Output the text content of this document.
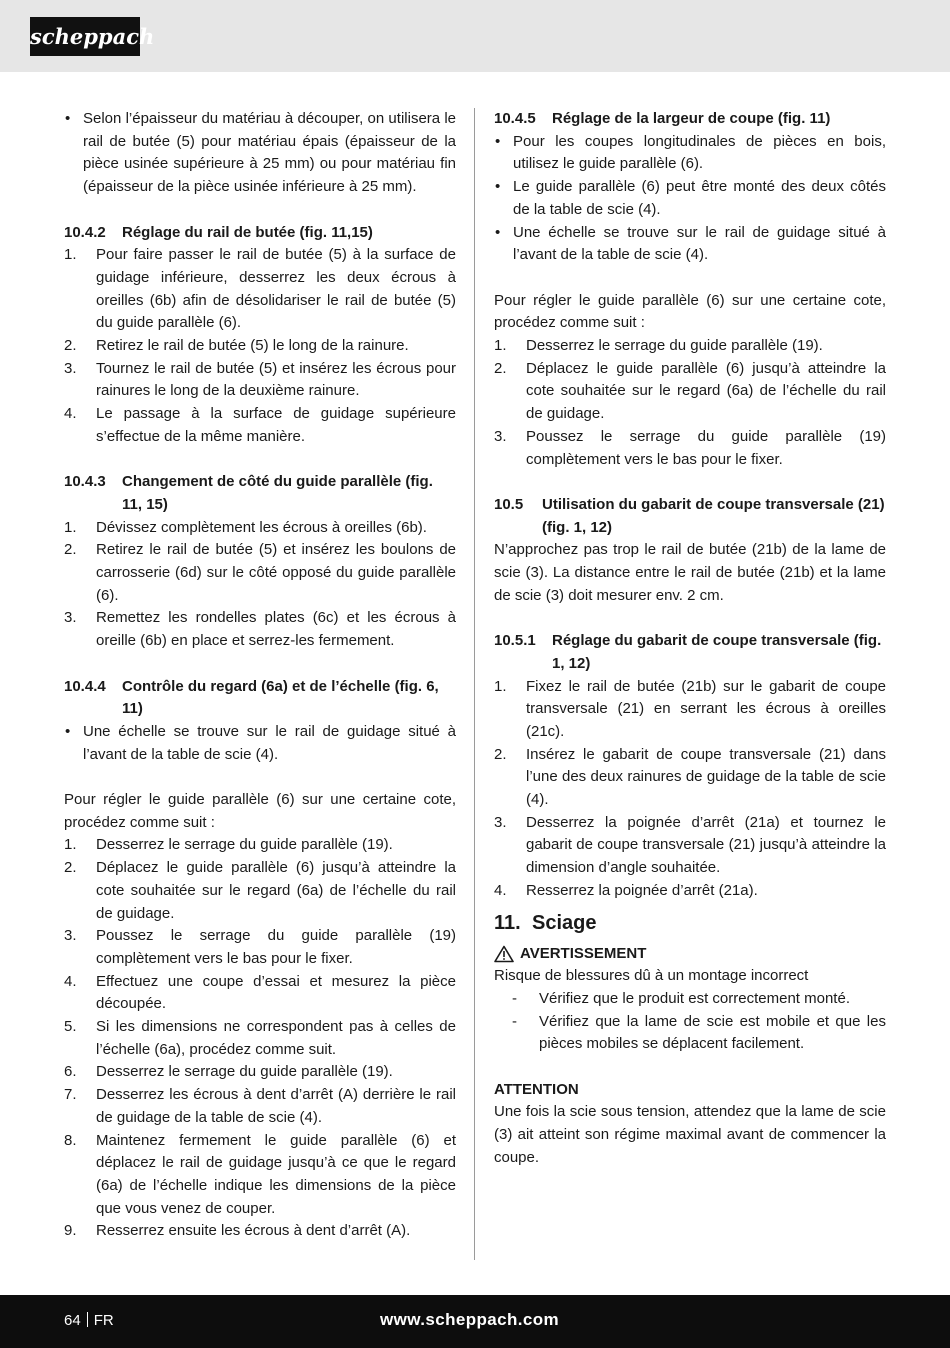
scheppach
• Selon l’épaisseur du matériau à découper, on utilisera le rail de butée (5) pour matériau épais (épaisseur de la pièce usinée supérieure à 25 mm) ou pour matériau fin (épaisseur de la pièce usinée inférieure à 25 mm).
10.4.2	Réglage du rail de butée (fig. 11,15)
1.	Pour faire passer le rail de butée (5) à la surface de guidage inférieure, desserrez les deux écrous à oreilles (6b) afin de désolidariser le rail de butée (5) du guide parallèle (6).
2.	Retirez le rail de butée (5) le long de la rainure.
3.	Tournez le rail de butée (5) et insérez les écrous pour rainures le long de la deuxième rainure.
4.	Le passage à la surface de guidage supérieure s’effectue de la même manière.
10.4.3	Changement de côté du guide parallèle (fig. 11, 15)
1.	Dévissez complètement les écrous à oreilles (6b).
2.	Retirez le rail de butée (5) et insérez les boulons de carrosserie (6d) sur le côté opposé du guide parallèle (6).
3.	Remettez les rondelles plates (6c) et les écrous à oreille (6b) en place et serrez-les fermement.
10.4.4	Contrôle du regard (6a) et de l’échelle (fig. 6, 11)
• Une échelle se trouve sur le rail de guidage situé à l’avant de la table de scie (4).
Pour régler le guide parallèle (6) sur une certaine cote, procédez comme suit :
1.	Desserrez le serrage du guide parallèle (19).
2.	Déplacez le guide parallèle (6) jusqu’à atteindre la cote souhaitée sur le regard (6a) de l’échelle du rail de guidage.
3.	Poussez le serrage du guide parallèle (19) complètement vers le bas pour le fixer.
4.	Effectuez une coupe d’essai et mesurez la pièce découpée.
5.	Si les dimensions ne correspondent pas à celles de l’échelle (6a), procédez comme suit.
6.	Desserrez le serrage du guide parallèle (19).
7.	Desserrez les écrous à dent d’arrêt (A) derrière le rail de guidage de la table de scie (4).
8.	Maintenez fermement le guide parallèle (6) et déplacez le rail de guidage jusqu’à ce que le regard (6a) de l’échelle indique les dimensions de la pièce que vous venez de couper.
9.	Resserrez ensuite les écrous à dent d’arrêt (A).
10.4.5	Réglage de la largeur de coupe (fig. 11)
• Pour les coupes longitudinales de pièces en bois, utilisez le guide parallèle (6).
• Le guide parallèle (6) peut être monté des deux côtés de la table de scie (4).
• Une échelle se trouve sur le rail de guidage situé à l’avant de la table de scie (4).
Pour régler le guide parallèle (6) sur une certaine cote, procédez comme suit :
1.	Desserrez le serrage du guide parallèle (19).
2.	Déplacez le guide parallèle (6) jusqu’à atteindre la cote souhaitée sur le regard (6a) de l’échelle du rail de guidage.
3.	Poussez le serrage du guide parallèle (19) complètement vers le bas pour le fixer.
10.5	Utilisation du gabarit de coupe transversale (21) (fig. 1, 12)
N’approchez pas trop le rail de butée (21b) de la lame de scie (3). La distance entre le rail de butée (21b) et la lame de scie (3) doit mesurer env. 2 cm.
10.5.1	Réglage du gabarit de coupe transversale (fig. 1, 12)
1.	Fixez le rail de butée (21b) sur le gabarit de coupe transversale (21) en serrant les écrous à oreilles (21c).
2.	Insérez le gabarit de coupe transversale (21) dans l’une des deux rainures de guidage de la table de scie (4).
3.	Desserrez la poignée d’arrêt (21a) et tournez le gabarit de coupe transversale (21) jusqu’à atteindre la dimension d’angle souhaitée.
4.	Resserrez la poignée d’arrêt (21a).
11. Sciage
AVERTISSEMENT
Risque de blessures dû à un montage incorrect
-	Vérifiez que le produit est correctement monté.
-	Vérifiez que la lame de scie est mobile et que les pièces mobiles se déplacent facilement.
ATTENTION
Une fois la scie sous tension, attendez que la lame de scie (3) ait atteint son régime maximal avant de commencer la coupe.
64 FR	www.scheppach.com
